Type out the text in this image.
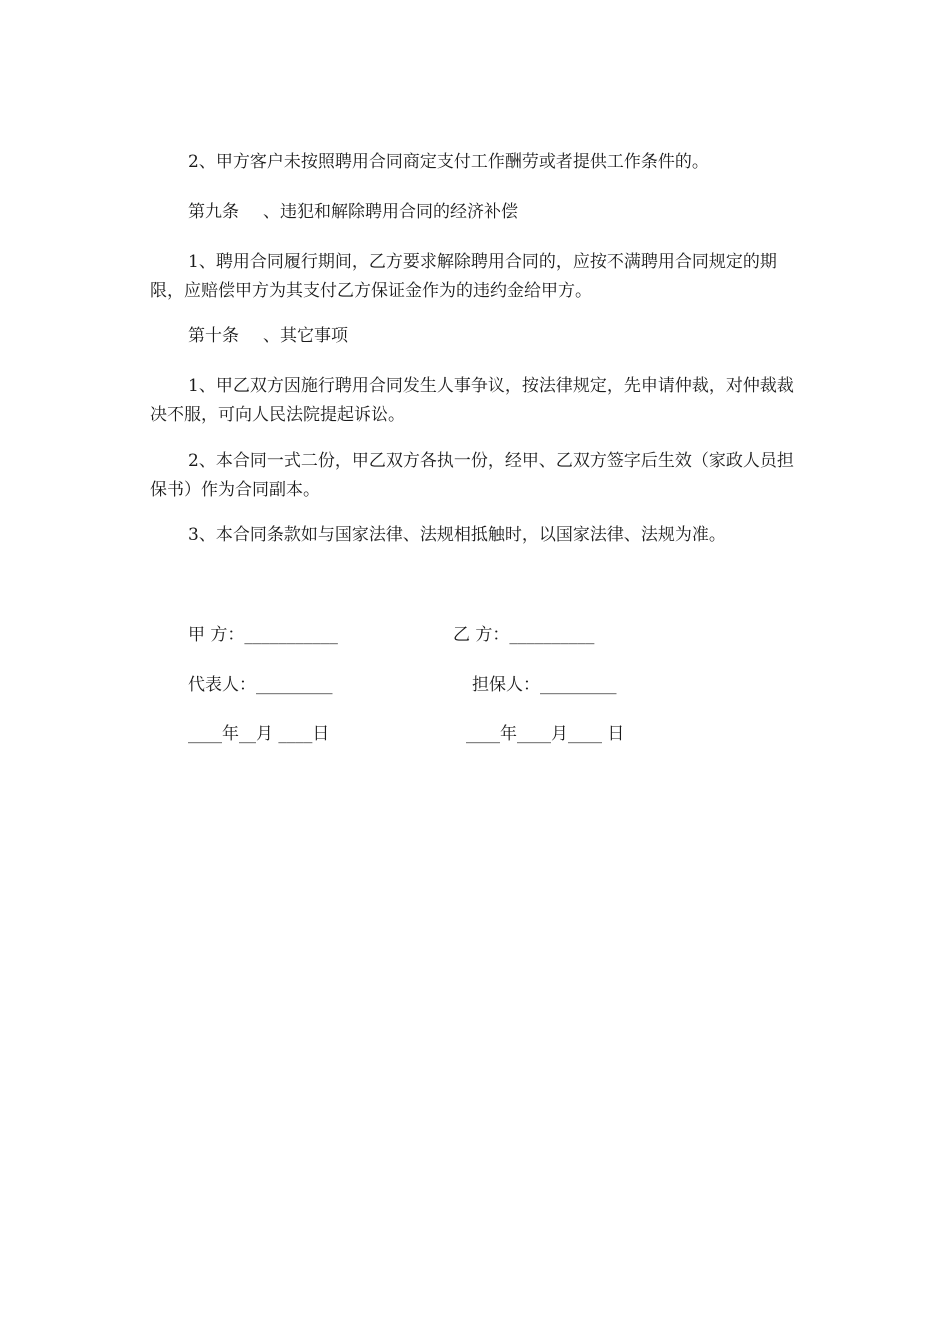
2、甲方客户未按照聘用合同商定支付工作酬劳或者提供工作条件的。

第九条 、违犯和解除聘用合同的经济补偿

1、聘用合同履行期间，乙方要求解除聘用合同的，应按不满聘用合同规定的期限，应赔偿甲方为其支付乙方保证金作为的违约金给甲方。

第十条 、其它事项

1、甲乙双方因施行聘用合同发生人事争议，按法律规定，先申请仲裁，对仲裁裁决不服，可向人民法院提起诉讼。

2、本合同一式二份，甲乙双方各执一份，经甲、乙双方签字后生效（家政人员担保书）作为合同副本。

3、本合同条款如与国家法律、法规相抵触时，以国家法律、法规为准。

甲 方：___________	乙 方：__________
代表人：_________	担保人：_________
____年__月 ____日	____年____月____ 日
